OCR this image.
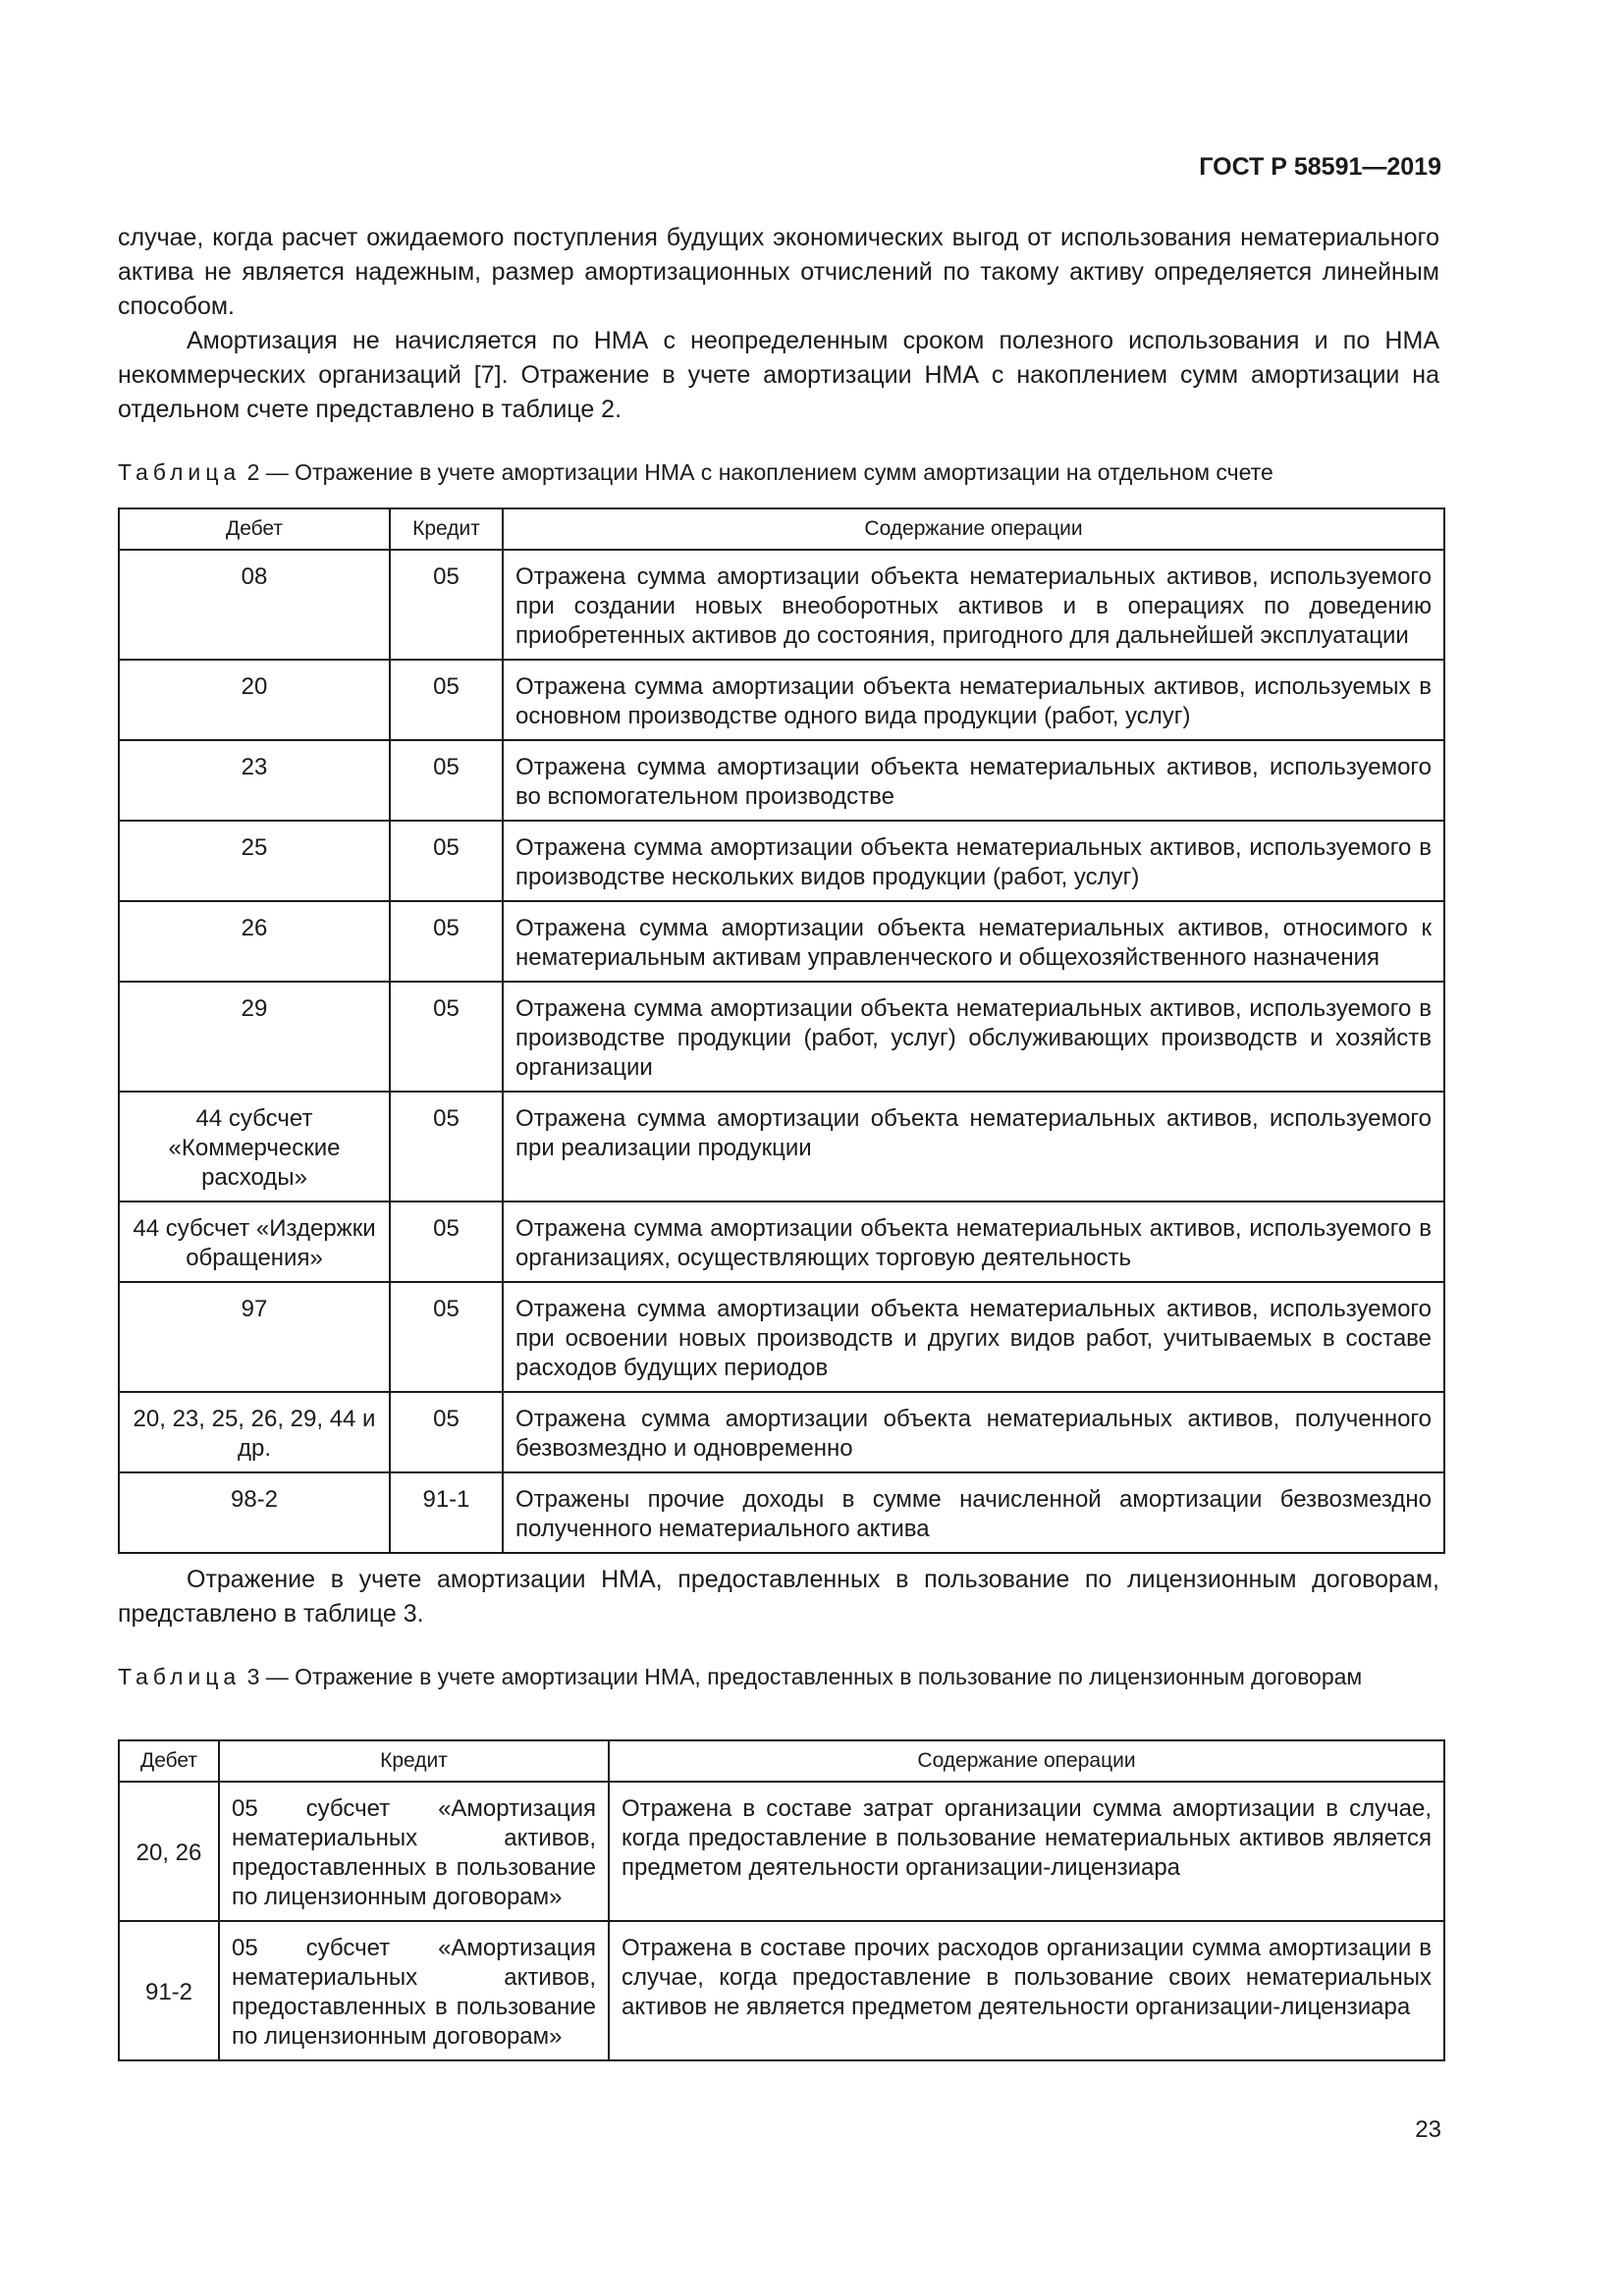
ГОСТ Р 58591—2019

случае, когда расчет ожидаемого поступления будущих экономических выгод от использования нематериального актива не является надежным, размер амортизационных отчислений по такому активу определяется линейным способом.

Амортизация не начисляется по НМА с неопределенным сроком полезного использования и по НМА некоммерческих организаций [7]. Отражение в учете амортизации НМА с накоплением сумм амортизации на отдельном счете представлено в таблице 2.

Таблица 2 — Отражение в учете амортизации НМА с накоплением сумм амортизации на отдельном счете

Дебет	Кредит	Содержание операции
08	05	Отражена сумма амортизации объекта нематериальных активов, используемого при создании новых внеоборотных активов и в операциях по доведению приобретенных активов до состояния, пригодного для дальнейшей эксплуатации
20	05	Отражена сумма амортизации объекта нематериальных активов, используемых в основном производстве одного вида продукции (работ, услуг)
23	05	Отражена сумма амортизации объекта нематериальных активов, используемого во вспомогательном производстве
25	05	Отражена сумма амортизации объекта нематериальных активов, используемого в производстве нескольких видов продукции (работ, услуг)
26	05	Отражена сумма амортизации объекта нематериальных активов, относимого к нематериальным активам управленческого и общехозяйственного назначения
29	05	Отражена сумма амортизации объекта нематериальных активов, используемого в производстве продукции (работ, услуг) обслуживающих производств и хозяйств организации
44 субсчет «Коммерческие расходы»	05	Отражена сумма амортизации объекта нематериальных активов, используемого при реализации продукции
44 субсчет «Издержки обращения»	05	Отражена сумма амортизации объекта нематериальных активов, используемого в организациях, осуществляющих торговую деятельность
97	05	Отражена сумма амортизации объекта нематериальных активов, используемого при освоении новых производств и других видов работ, учитываемых в составе расходов будущих периодов
20, 23, 25, 26, 29, 44 и др.	05	Отражена сумма амортизации объекта нематериальных активов, полученного безвозмездно и одновременно
98-2	91-1	Отражены прочие доходы в сумме начисленной амортизации безвозмездно полученного нематериального актива

Отражение в учете амортизации НМА, предоставленных в пользование по лицензионным договорам, представлено в таблице 3.

Таблица 3 — Отражение в учете амортизации НМА, предоставленных в пользование по лицензионным договорам

Дебет	Кредит	Содержание операции
20, 26	05 субсчет «Амортизация нематериальных активов, предоставленных в пользование по лицензионным договорам»	Отражена в составе затрат организации сумма амортизации в случае, когда предоставление в пользование нематериальных активов является предметом деятельности организации-лицензиара
91-2	05 субсчет «Амортизация нематериальных активов, предоставленных в пользование по лицензионным договорам»	Отражена в составе прочих расходов организации сумма амортизации в случае, когда предоставление в пользование своих нематериальных активов не является предметом деятельности организации-лицензиара
23
